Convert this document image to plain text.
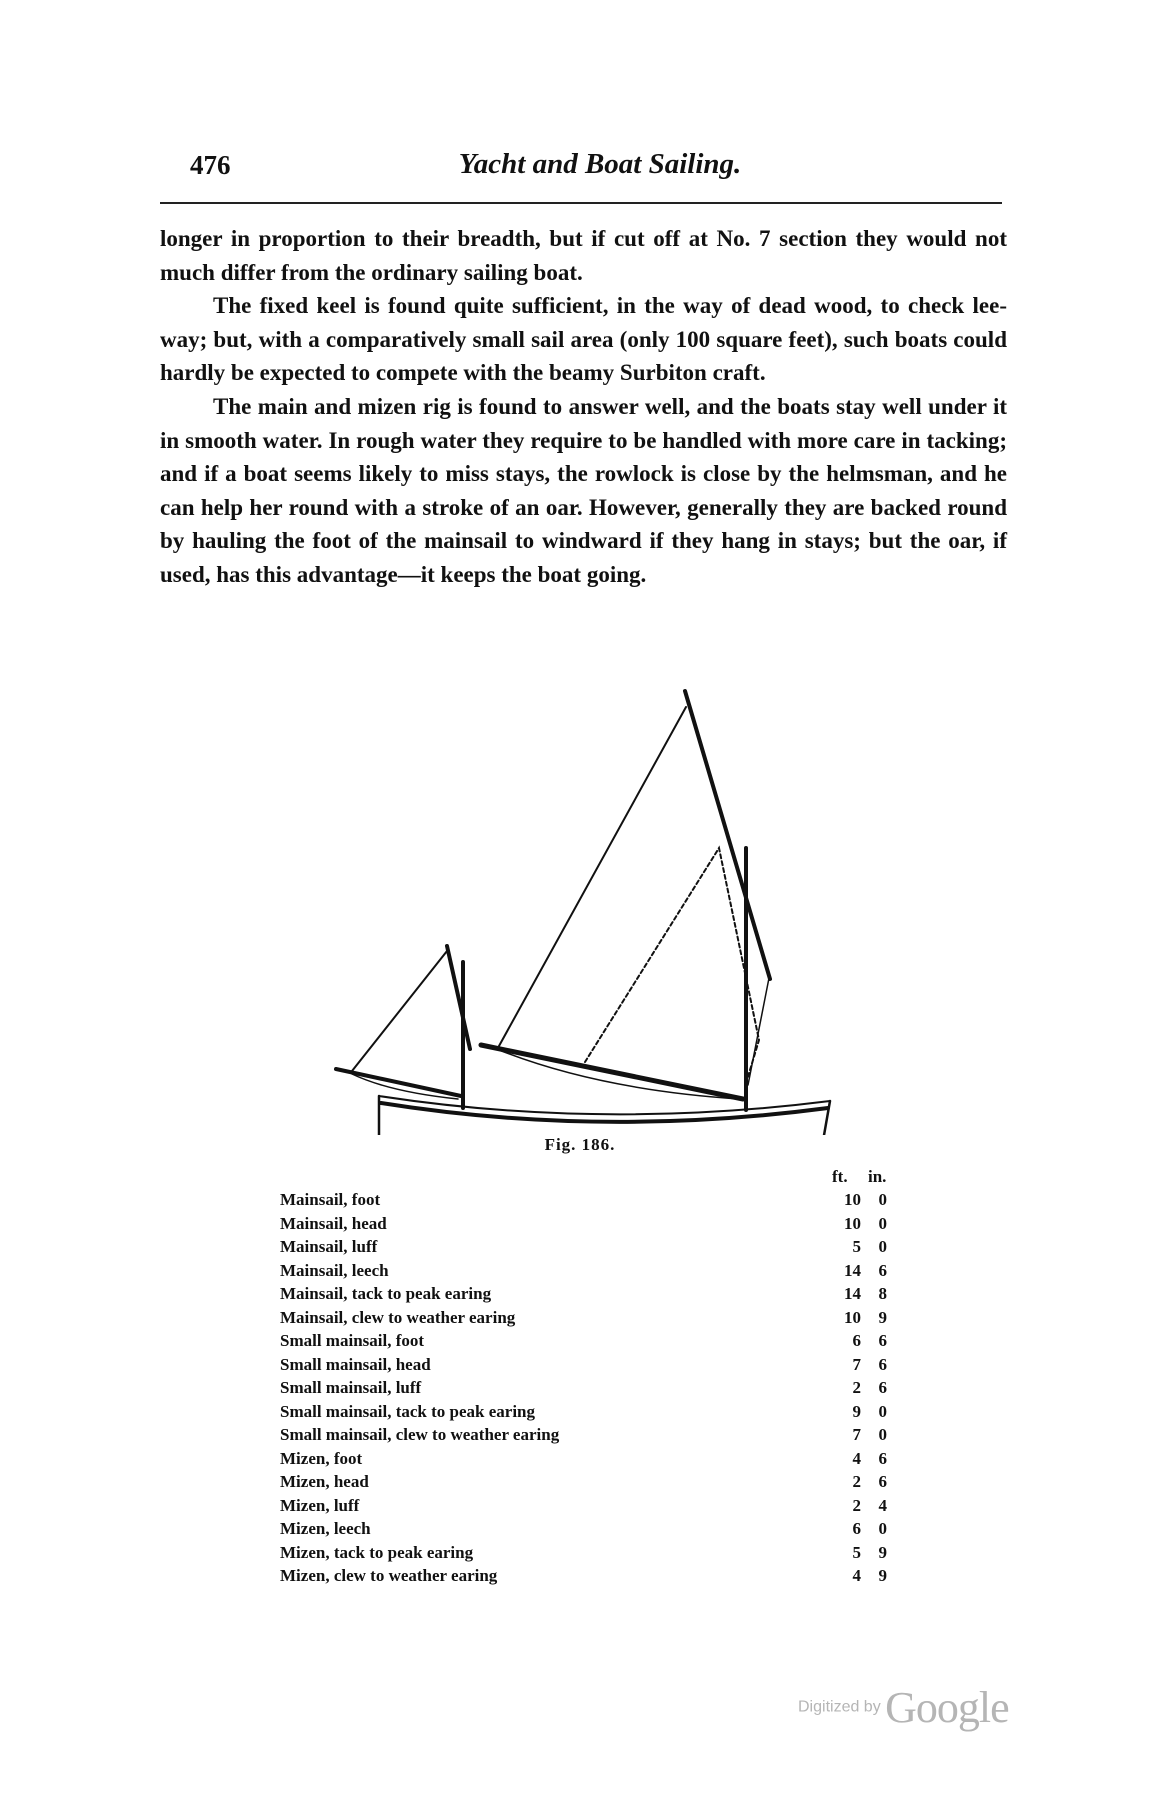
476	Yacht and Boat Sailing.

longer in proportion to their breadth, but if cut off at No. 7 section they would not much differ from the ordinary sailing boat.

The fixed keel is found quite sufficient, in the way of dead wood, to check lee-way; but, with a comparatively small sail area (only 100 square feet), such boats could hardly be expected to compete with the beamy Surbiton craft.

The main and mizen rig is found to answer well, and the boats stay well under it in smooth water. In rough water they require to be handled with more care in tacking; and if a boat seems likely to miss stays, the rowlock is close by the helmsman, and he can help her round with a stroke of an oar. However, generally they are backed round by hauling the foot of the mainsail to windward if they hang in stays; but the oar, if used, has this advantage—it keeps the boat going.

Fig. 186.
ft. in.
Mainsail, foot	10	0
Mainsail, head	10	0
Mainsail, luff	5	0
Mainsail, leech	14	6
Mainsail, tack to peak earing	14	8
Mainsail, clew to weather earing	10	9
Small mainsail, foot	6	6
Small mainsail, head	7	6
Small mainsail, luff	2	6
Small mainsail, tack to peak earing	9	0
Small mainsail, clew to weather earing	7	0
Mizen, foot	4	6
Mizen, head	2	6
Mizen, luff	2	4
Mizen, leech	6	0
Mizen, tack to peak earing	5	9
Mizen, clew to weather earing	4	9
Digitized by Google
